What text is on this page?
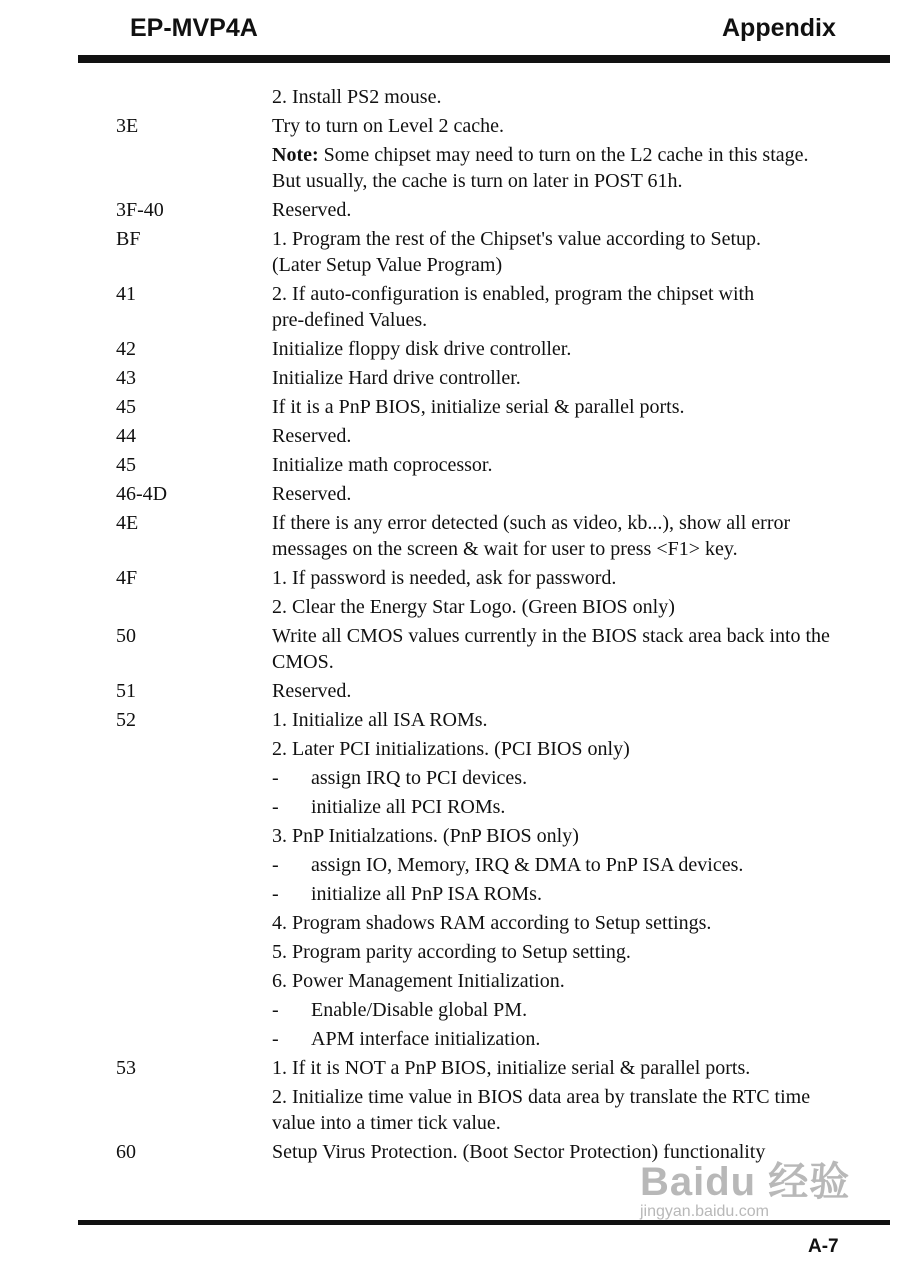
EP-MVP4A	Appendix
2. Install PS2 mouse.
3E	Try to turn on Level 2 cache.
Note: Some chipset may need to turn on the L2 cache in this stage.
But usually, the cache is turn on later in POST 61h.
3F-40	Reserved.
BF	1. Program the rest of the Chipset's value according to Setup.
(Later Setup Value Program)
41	2. If auto-configuration is enabled, program the chipset with
pre-defined Values.
42	Initialize floppy disk drive controller.
43	Initialize Hard drive controller.
45	If it is a PnP BIOS, initialize serial & parallel ports.
44	Reserved.
45	Initialize math coprocessor.
46-4D	Reserved.
4E	If there is any error detected (such as video, kb...), show all error
messages on the screen & wait for user to press <F1> key.
4F	1. If password is needed, ask for password.
2. Clear the Energy Star Logo. (Green BIOS only)
50	Write all CMOS values currently in the BIOS stack area back into the
CMOS.
51	Reserved.
52	1. Initialize all ISA ROMs.
2. Later PCI initializations. (PCI BIOS only)
- assign IRQ to PCI devices.
- initialize all PCI ROMs.
3. PnP Initialzations. (PnP BIOS only)
- assign IO, Memory, IRQ & DMA to PnP ISA devices.
- initialize all PnP ISA ROMs.
4. Program shadows RAM according to Setup settings.
5. Program parity according to Setup setting.
6. Power Management Initialization.
- Enable/Disable global PM.
- APM interface initialization.
53	1. If it is NOT a PnP BIOS, initialize serial & parallel ports.
2. Initialize time value in BIOS data area by translate the RTC time
value into a timer tick value.
60	Setup Virus Protection. (Boot Sector Protection) functionality
A-7
Baidu 经验
jingyan.baidu.com
